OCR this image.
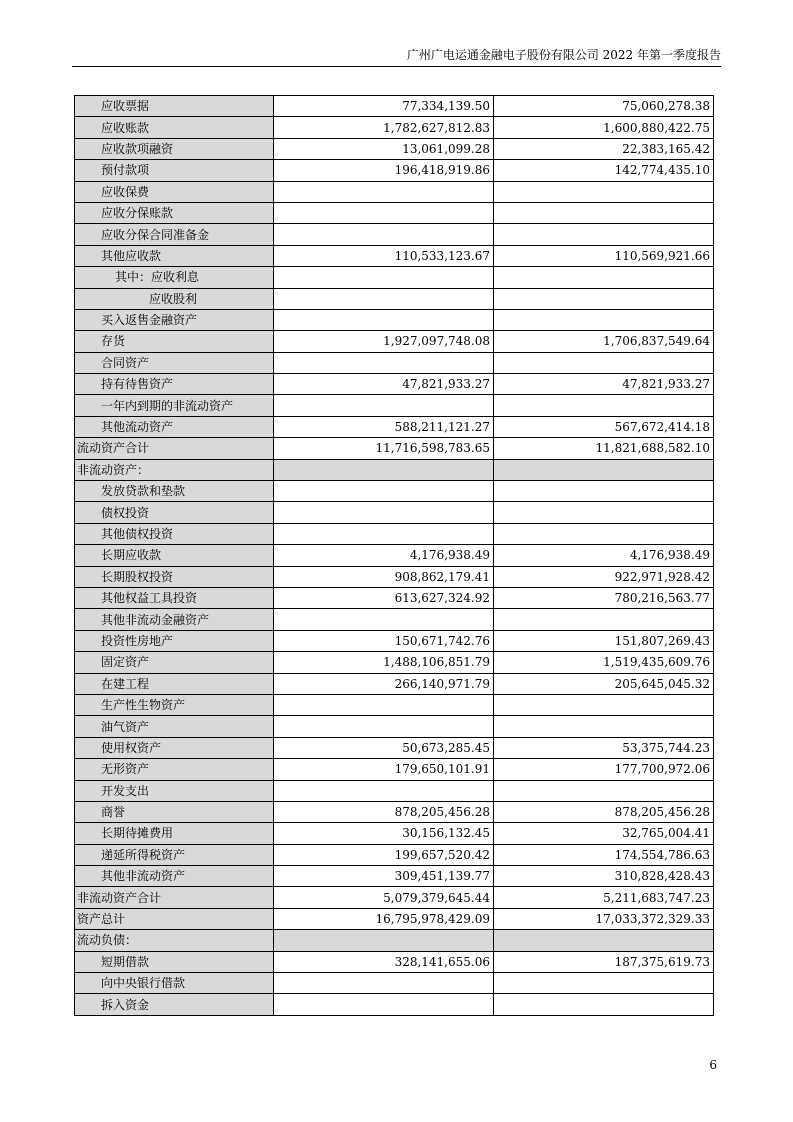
广州广电运通金融电子股份有限公司 2022 年第一季度报告
应收票据	77,334,139.50	75,060,278.38
应收账款	1,782,627,812.83	1,600,880,422.75
应收款项融资	13,061,099.28	22,383,165.42
预付款项	196,418,919.86	142,774,435.10
应收保费		
应收分保账款		
应收分保合同准备金		
其他应收款	110,533,123.67	110,569,921.66
其中：应收利息		
应收股利		
买入返售金融资产		
存货	1,927,097,748.08	1,706,837,549.64
合同资产		
持有待售资产	47,821,933.27	47,821,933.27
一年内到期的非流动资产		
其他流动资产	588,211,121.27	567,672,414.18
流动资产合计	11,716,598,783.65	11,821,688,582.10
非流动资产：		
发放贷款和垫款		
债权投资		
其他债权投资		
长期应收款	4,176,938.49	4,176,938.49
长期股权投资	908,862,179.41	922,971,928.42
其他权益工具投资	613,627,324.92	780,216,563.77
其他非流动金融资产		
投资性房地产	150,671,742.76	151,807,269.43
固定资产	1,488,106,851.79	1,519,435,609.76
在建工程	266,140,971.79	205,645,045.32
生产性生物资产		
油气资产		
使用权资产	50,673,285.45	53,375,744.23
无形资产	179,650,101.91	177,700,972.06
开发支出		
商誉	878,205,456.28	878,205,456.28
长期待摊费用	30,156,132.45	32,765,004.41
递延所得税资产	199,657,520.42	174,554,786.63
其他非流动资产	309,451,139.77	310,828,428.43
非流动资产合计	5,079,379,645.44	5,211,683,747.23
资产总计	16,795,978,429.09	17,033,372,329.33
流动负债：		
短期借款	328,141,655.06	187,375,619.73
向中央银行借款		
拆入资金		
6
